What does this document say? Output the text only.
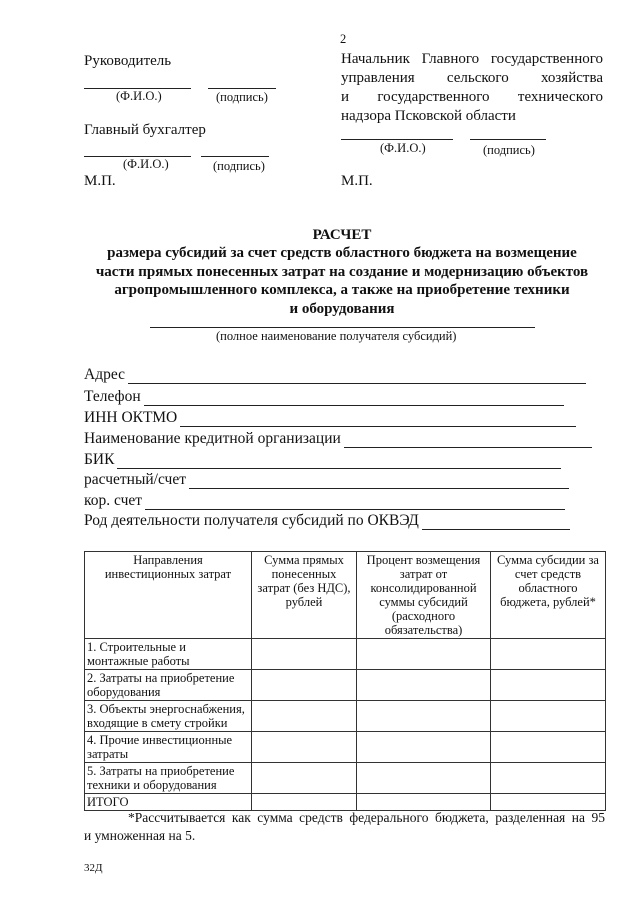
2
Руководитель
(Ф.И.О.)	(подпись)
Главный бухгалтер
(Ф.И.О.)	(подпись)
М.П.
Начальник Главного государственного
управления сельского хозяйства
и государственного технического
надзора Псковской области
(Ф.И.О.)	(подпись)
М.П.
РАСЧЕТ
размера субсидий за счет средств областного бюджета на возмещение
части прямых понесенных затрат на создание и модернизацию объектов
агропромышленного комплекса, а также на приобретение техники
и оборудования
(полное наименование получателя субсидий)
Адрес
Телефон
ИНН ОКТМО
Наименование кредитной организации
БИК
расчетный/счет
кор. счет
Род деятельности получателя субсидий по ОКВЭД
Направления инвестиционных затрат	Сумма прямых понесенных затрат (без НДС), рублей	Процент возмещения затрат от консолидированной суммы субсидий (расходного обязательства)	Сумма субсидии за счет средств областного бюджета, рублей*
1. Строительные и монтажные работы			
2. Затраты на приобретение оборудования			
3. Объекты энергоснабжения, входящие в смету стройки			
4. Прочие инвестиционные затраты			
5. Затраты на приобретение техники и оборудования			
ИТОГО			
*Рассчитывается как сумма средств федерального бюджета, разделенная на 95
и умноженная на 5.
32Д
